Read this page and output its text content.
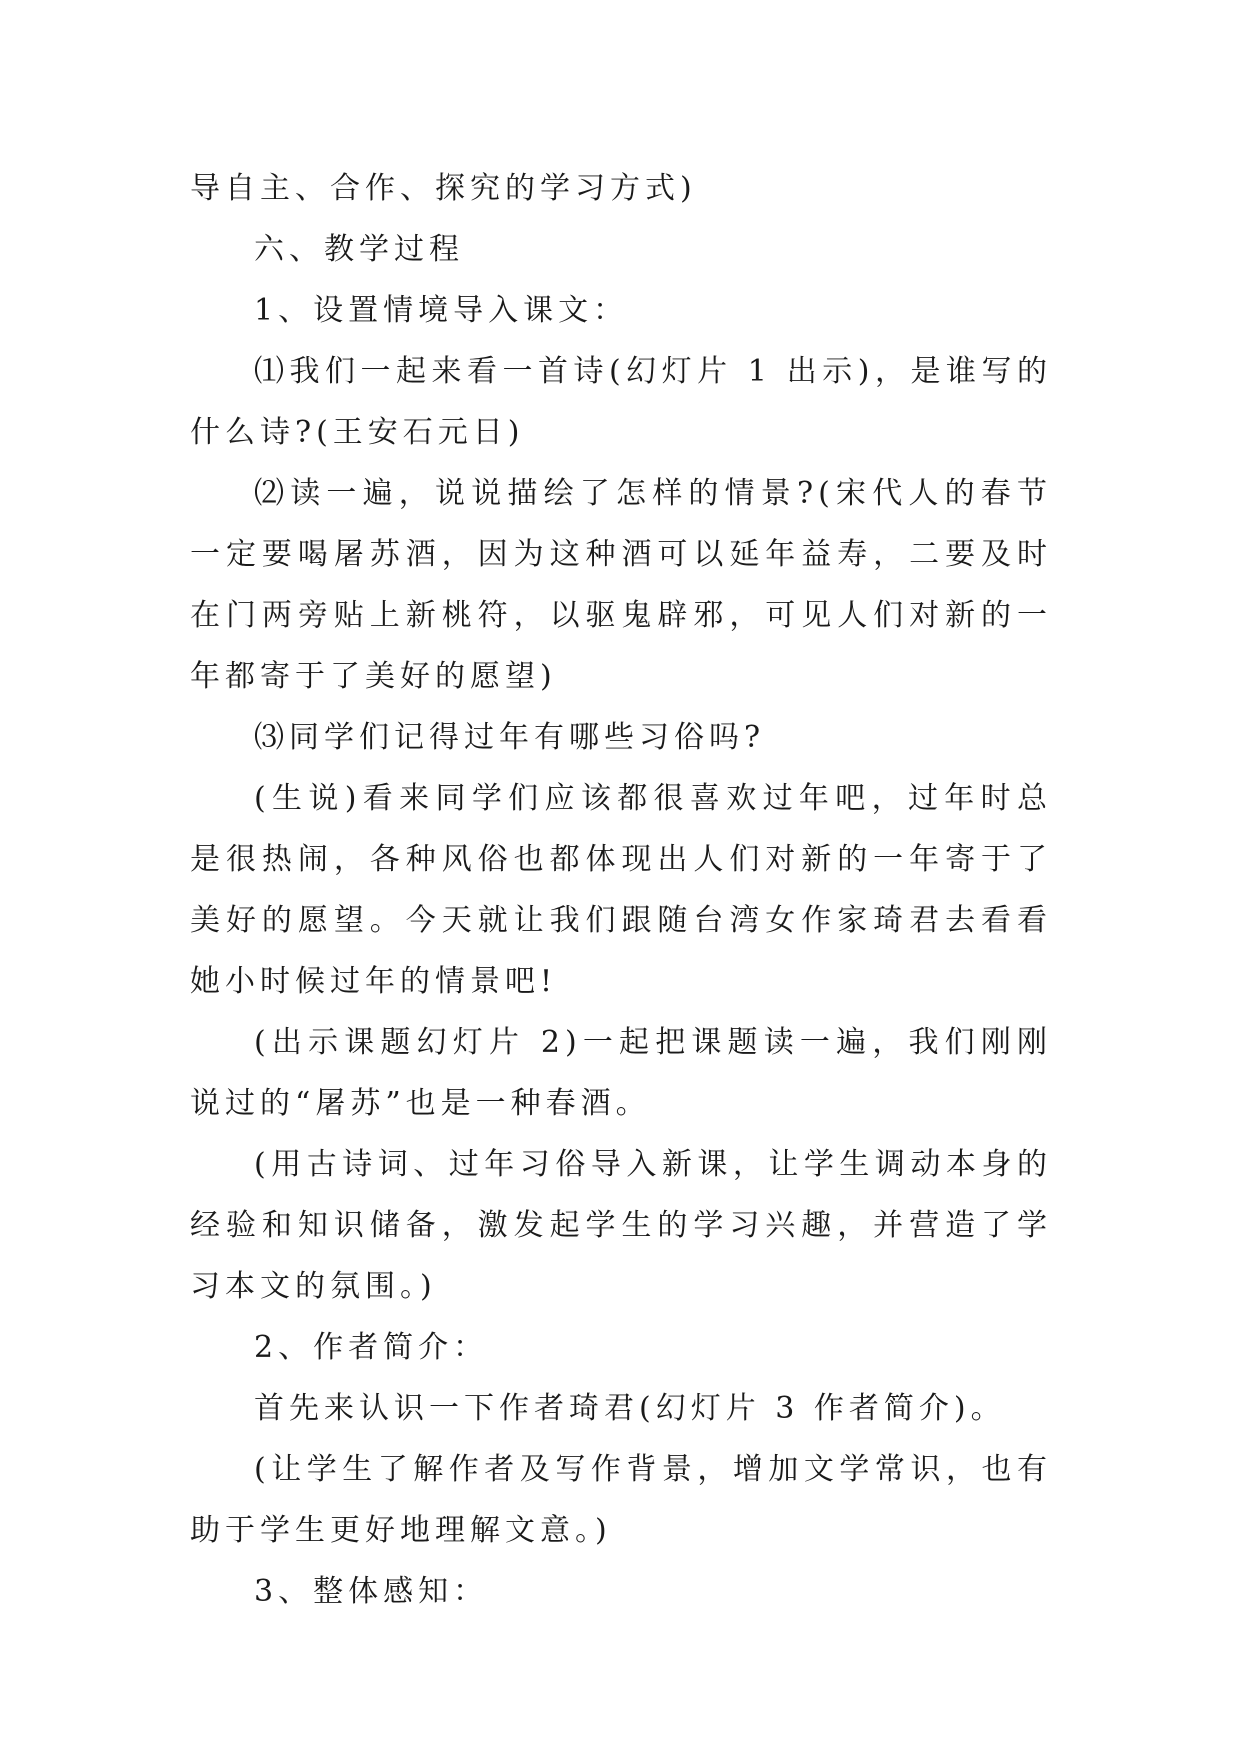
导自主、合作、探究的学习方式)

六、教学过程

1、设置情境导入课文：

⑴我们一起来看一首诗(幻灯片 1 出示)，是谁写的什么诗?(王安石元日)

⑵读一遍，说说描绘了怎样的情景?(宋代人的春节一定要喝屠苏酒，因为这种酒可以延年益寿，二要及时在门两旁贴上新桃符，以驱鬼辟邪，可见人们对新的一年都寄于了美好的愿望)

⑶同学们记得过年有哪些习俗吗?

(生说)看来同学们应该都很喜欢过年吧，过年时总是很热闹，各种风俗也都体现出人们对新的一年寄于了美好的愿望。今天就让我们跟随台湾女作家琦君去看看她小时候过年的情景吧!

(出示课题幻灯片 2)一起把课题读一遍，我们刚刚说过的“屠苏”也是一种春酒。

(用古诗词、过年习俗导入新课，让学生调动本身的经验和知识储备，激发起学生的学习兴趣，并营造了学习本文的氛围。)

2、作者简介：

首先来认识一下作者琦君(幻灯片 3 作者简介)。

(让学生了解作者及写作背景，增加文学常识，也有助于学生更好地理解文意。)

3、整体感知：
